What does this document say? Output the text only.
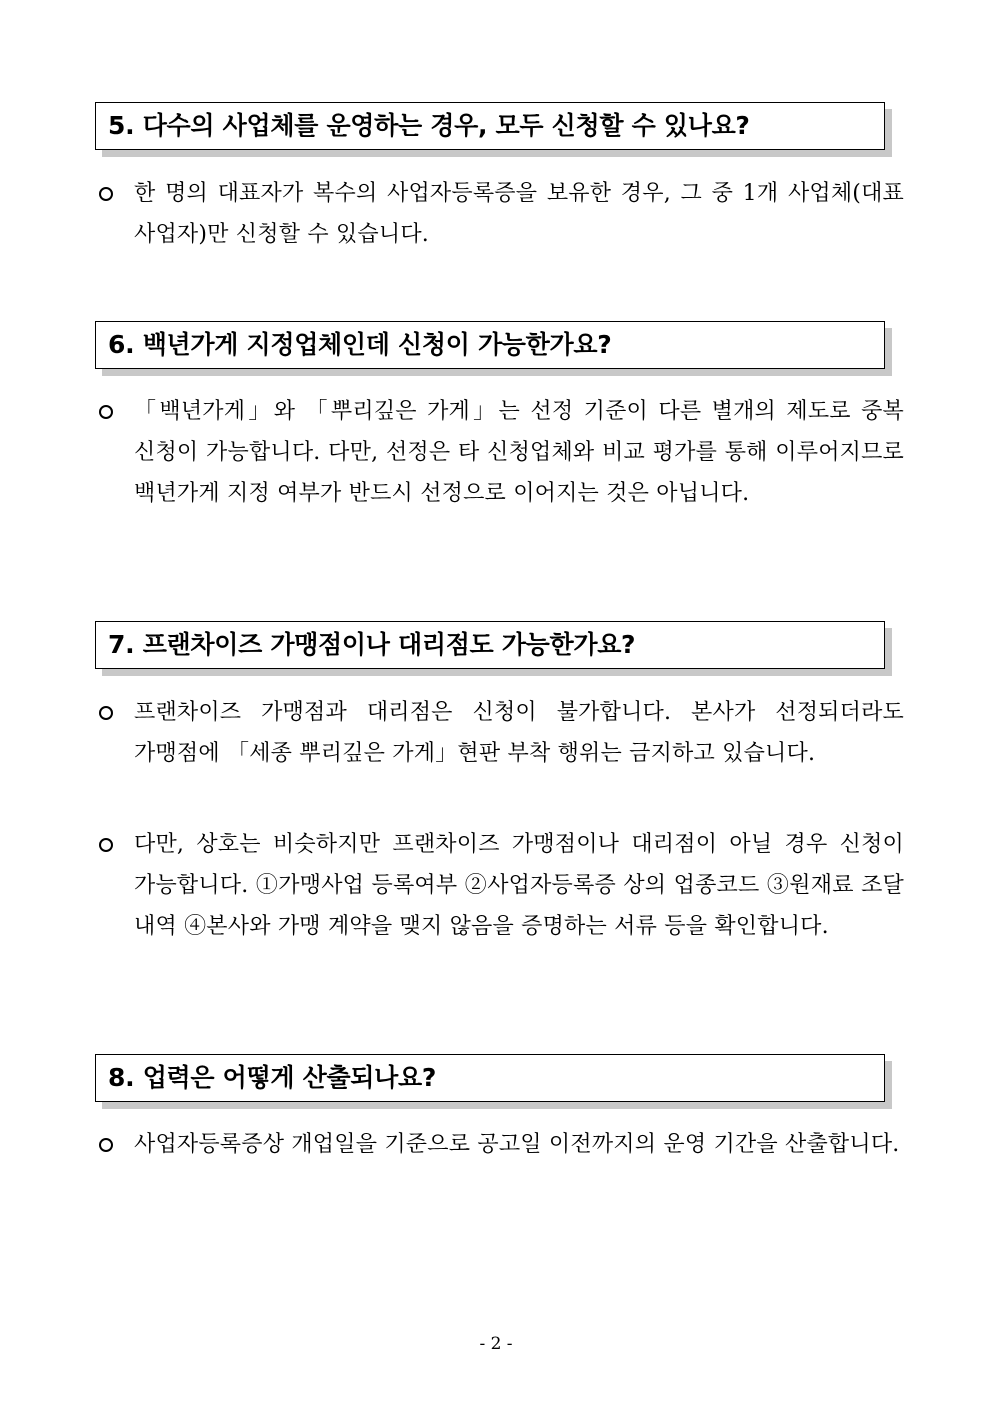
5. 다수의 사업체를 운영하는 경우, 모두 신청할 수 있나요?

한 명의 대표자가 복수의 사업자등록증을 보유한 경우, 그 중 1개 사업체(대표 사업자)만 신청할 수 있습니다.

6. 백년가게 지정업체인데 신청이 가능한가요?

「백년가게」와 「뿌리깊은 가게」는 선정 기준이 다른 별개의 제도로 중복 신청이 가능합니다. 다만, 선정은 타 신청업체와 비교 평가를 통해 이루어지므로 백년가게 지정 여부가 반드시 선정으로 이어지는 것은 아닙니다.

7. 프랜차이즈 가맹점이나 대리점도 가능한가요?

프랜차이즈 가맹점과 대리점은 신청이 불가합니다. 본사가 선정되더라도 가맹점에 「세종 뿌리깊은 가게」현판 부착 행위는 금지하고 있습니다.

다만, 상호는 비슷하지만 프랜차이즈 가맹점이나 대리점이 아닐 경우 신청이 가능합니다. ①가맹사업 등록여부 ②사업자등록증 상의 업종코드 ③원재료 조달 내역 ④본사와 가맹 계약을 맺지 않음을 증명하는 서류 등을 확인합니다.

8. 업력은 어떻게 산출되나요?

사업자등록증상 개업일을 기준으로 공고일 이전까지의 운영 기간을 산출합니다.

- 2 -
